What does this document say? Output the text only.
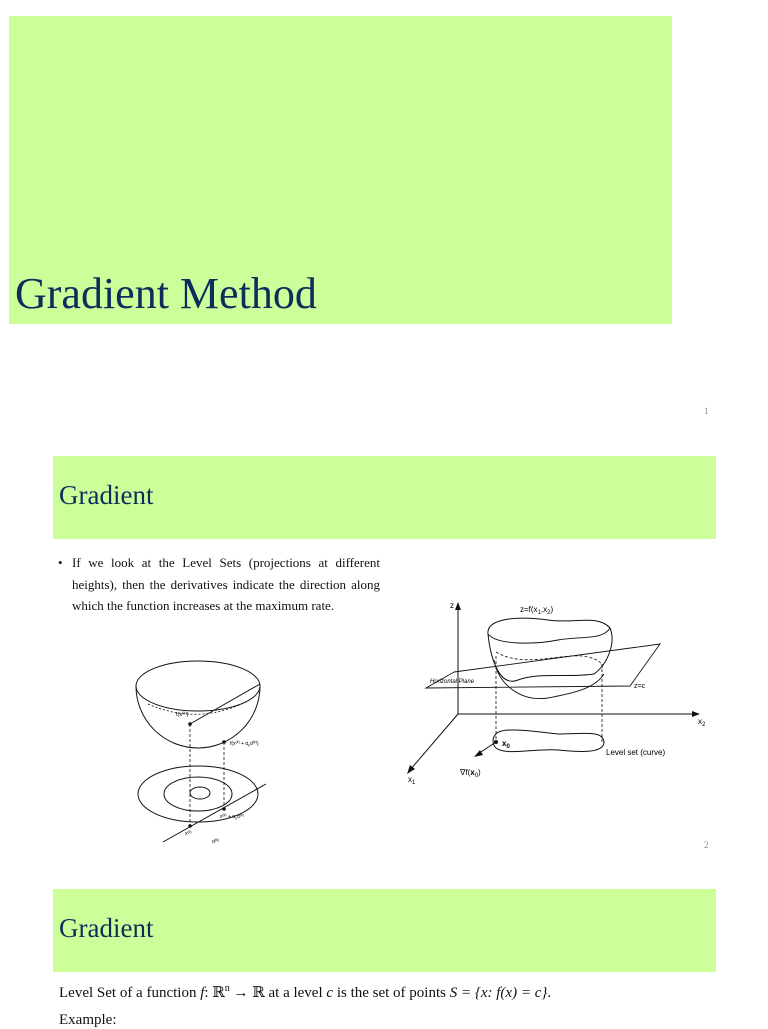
Gradient Method
1
Gradient
• If we look at the Level Sets (projections at different heights), then the derivatives indicate the direction along which the function increases at the maximum rate.
$f(x^{(k)})$
$f(x^{(k)} + \alpha_kd^{(k)})$
$x^{(k)}$
$x^{(k)} + \alpha_kd^{(k)}$
$d^{(k)}$
z	$z=f(x_1,x_2)$
Horizontal Plane
z=c
$x_2$
$x_1$
$x_0$
$\nabla f(x_0)$
Level set (curve)
2
Gradient
Level Set of a function f: ℝ$^n$ → ℝ at a level c is the set of points S = {x: f(x) = c}.
Example:
